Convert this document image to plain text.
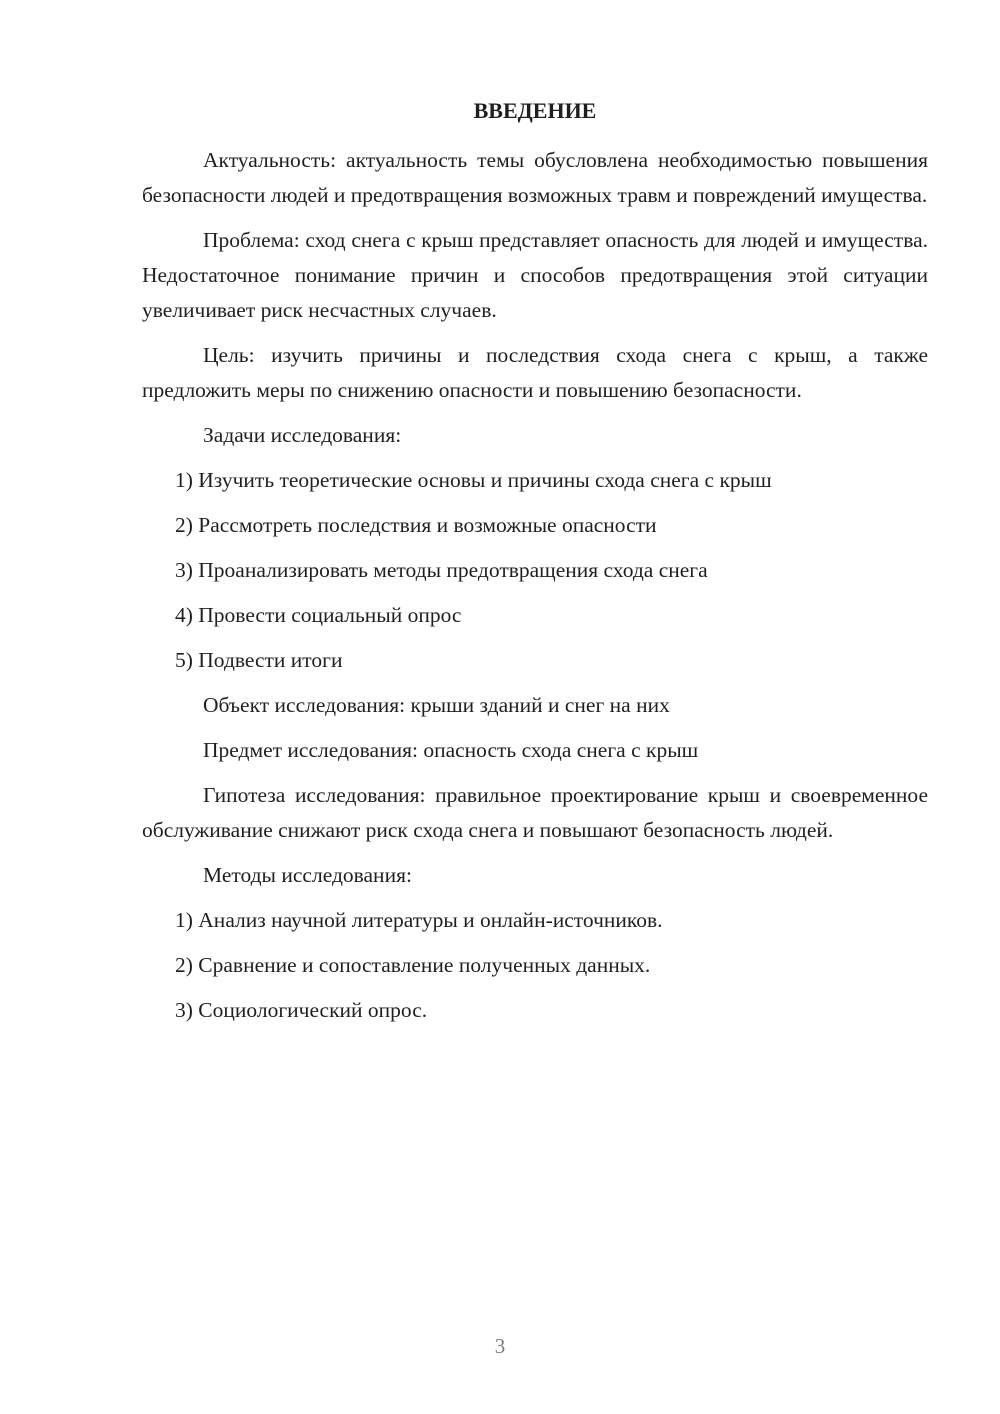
ВВЕДЕНИЕ

Актуальность: актуальность темы обусловлена необходимостью повышения безопасности людей и предотвращения возможных травм и повреждений имущества.

Проблема: сход снега с крыш представляет опасность для людей и имущества. Недостаточное понимание причин и способов предотвращения этой ситуации увеличивает риск несчастных случаев.

Цель: изучить причины и последствия схода снега с крыш, а также предложить меры по снижению опасности и повышению безопасности.

Задачи исследования:

1) Изучить теоретические основы и причины схода снега с крыш

2) Рассмотреть последствия и возможные опасности

3) Проанализировать методы предотвращения схода снега

4) Провести социальный опрос

5) Подвести итоги

Объект исследования: крыши зданий и снег на них

Предмет исследования: опасность схода снега с крыш

Гипотеза исследования: правильное проектирование крыш и своевременное обслуживание снижают риск схода снега и повышают безопасность людей.

Методы исследования:

1) Анализ научной литературы и онлайн-источников.

2) Сравнение и сопоставление полученных данных.

3) Социологический опрос.

3
